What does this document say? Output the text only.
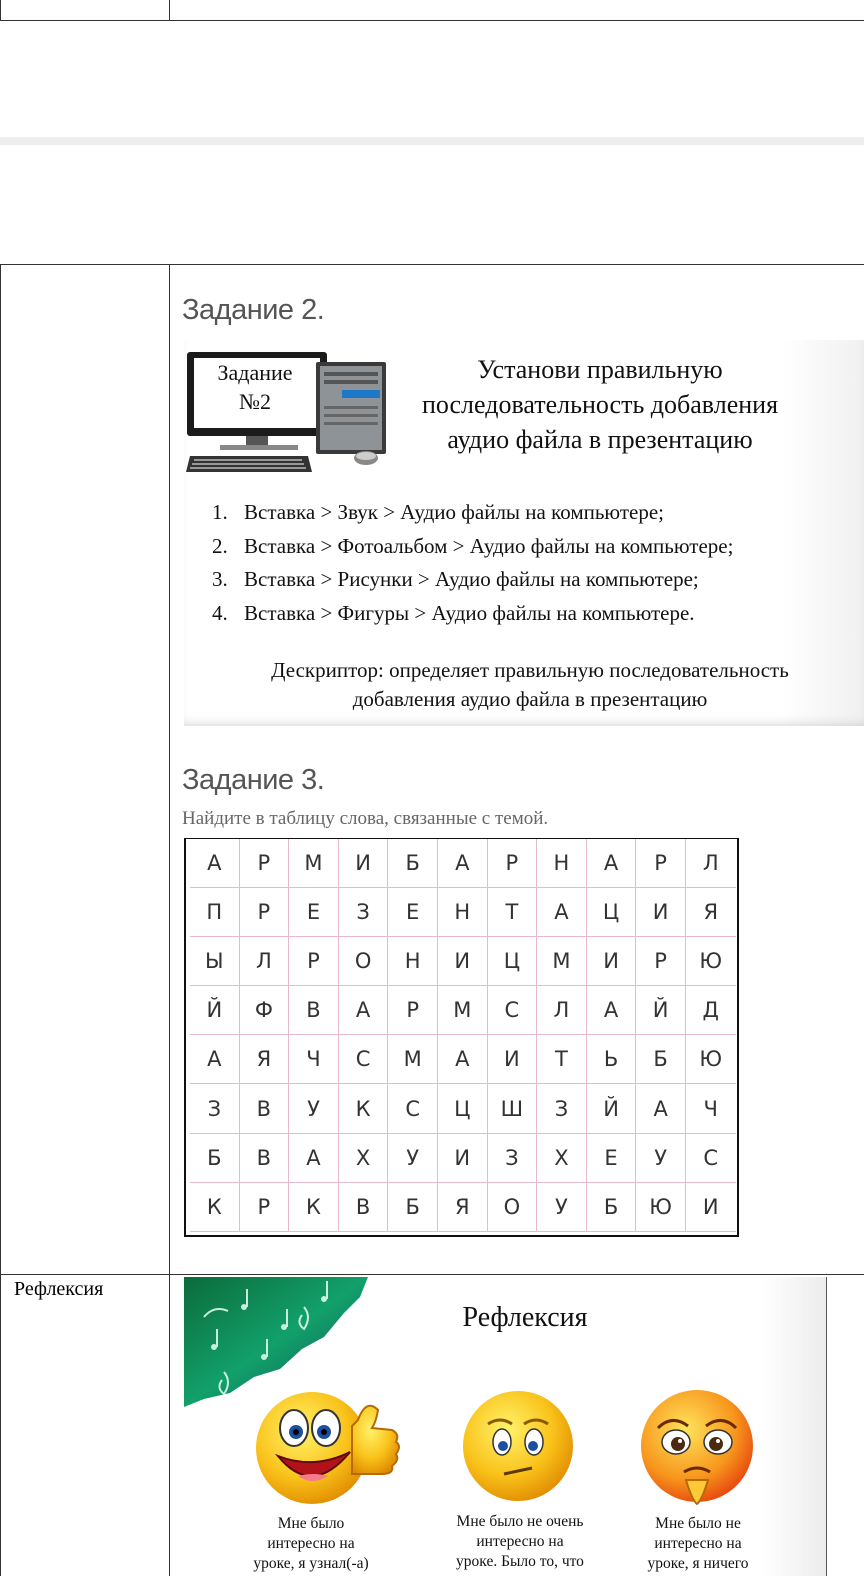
Задание 2.
Задание
№2
Установи правильную
последовательность добавления
аудио файла в презентацию
1. Вставка > Звук > Аудио файлы на компьютере;
2. Вставка > Фотоальбом > Аудио файлы на компьютере;
3. Вставка > Рисунки > Аудио файлы на компьютере;
4. Вставка > Фигуры > Аудио файлы на компьютере.
Дескриптор: определяет правильную последовательность
добавления аудио файла в презентацию
Задание 3.
Найдите в таблицу слова, связанные с темой.
А	Р	М	И	Б	А	Р	Н	А	Р	Л
П	Р	Е	З	Е	Н	Т	А	Ц	И	Я
Ы	Л	Р	О	Н	И	Ц	М	И	Р	Ю
Й	Ф	В	А	Р	М	С	Л	А	Й	Д
А	Я	Ч	С	М	А	И	Т	Ь	Б	Ю
З	В	У	К	С	Ц	Ш	З	Й	А	Ч
Б	В	А	Х	У	И	З	Х	Е	У	С
К	Р	К	В	Б	Я	О	У	Б	Ю	И
Рефлексия
Рефлексия
Мне было
интересно на
уроке, я узнал(-а)
Мне было не очень
интересно на
уроке. Было то, что
Мне было не
интересно на
уроке, я ничего
